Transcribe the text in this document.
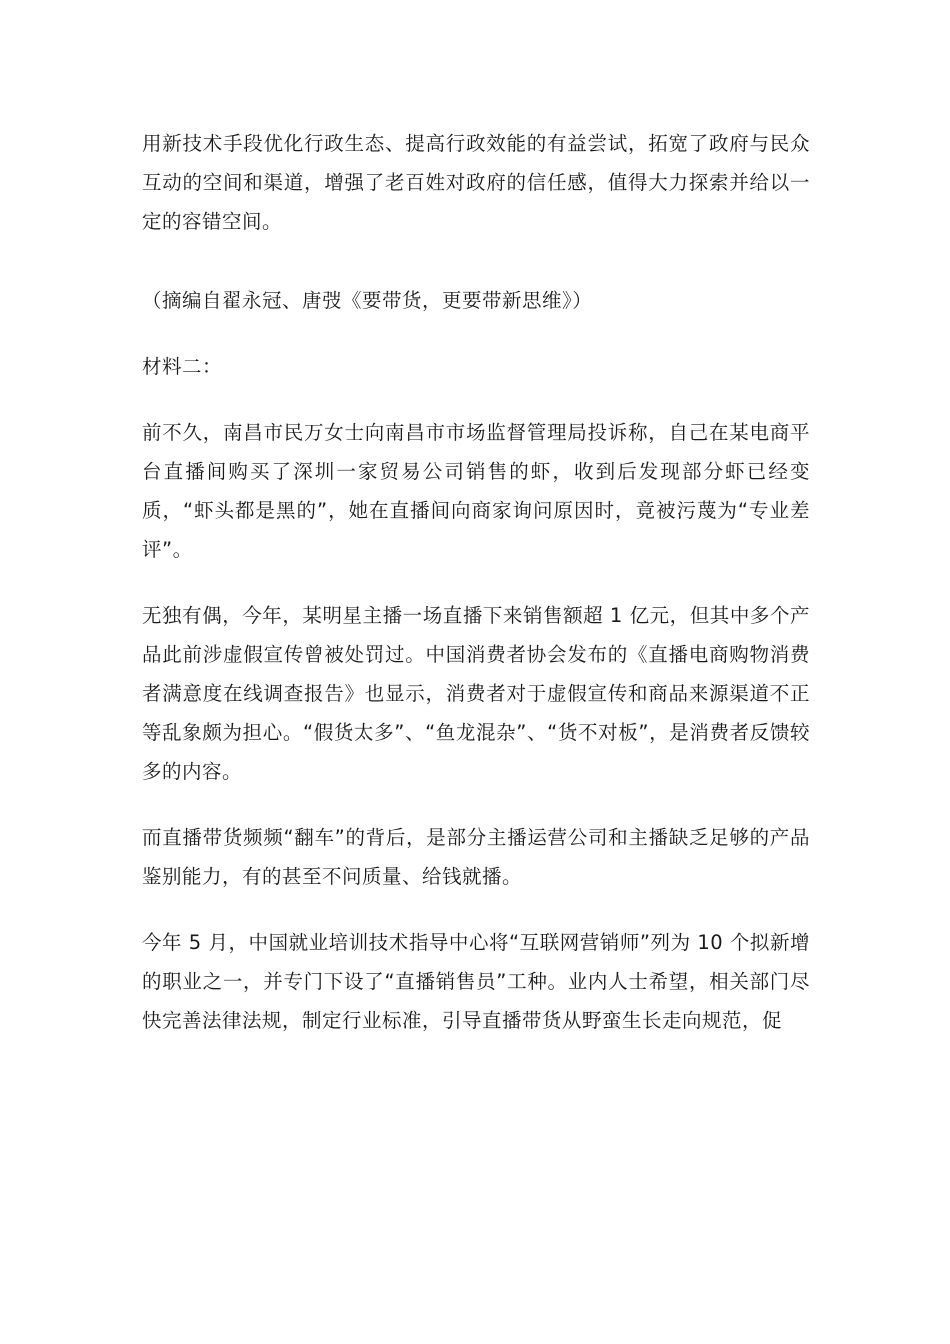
用新技术手段优化行政生态、提高行政效能的有益尝试，拓宽了政府与民众互动的空间和渠道，增强了老百姓对政府的信任感，值得大力探索并给以一定的容错空间。

（摘编自翟永冠、唐弢《要带货，更要带新思维》）

材料二：

前不久，南昌市民万女士向南昌市市场监督管理局投诉称，自己在某电商平台直播间购买了深圳一家贸易公司销售的虾，收到后发现部分虾已经变质，“虾头都是黑的”，她在直播间向商家询问原因时，竟被污蔑为“专业差评”。

无独有偶，今年，某明星主播一场直播下来销售额超 1 亿元，但其中多个产品此前涉虚假宣传曾被处罚过。中国消费者协会发布的《直播电商购物消费者满意度在线调查报告》也显示，消费者对于虚假宣传和商品来源渠道不正等乱象颇为担心。“假货太多”、“鱼龙混杂”、“货不对板”，是消费者反馈较多的内容。

而直播带货频频“翻车”的背后，是部分主播运营公司和主播缺乏足够的产品鉴别能力，有的甚至不问质量、给钱就播。

今年 5 月，中国就业培训技术指导中心将“互联网营销师”列为 10 个拟新增的职业之一，并专门下设了“直播销售员”工种。业内人士希望，相关部门尽快完善法律法规，制定行业标准，引导直播带货从野蛮生长走向规范，促
